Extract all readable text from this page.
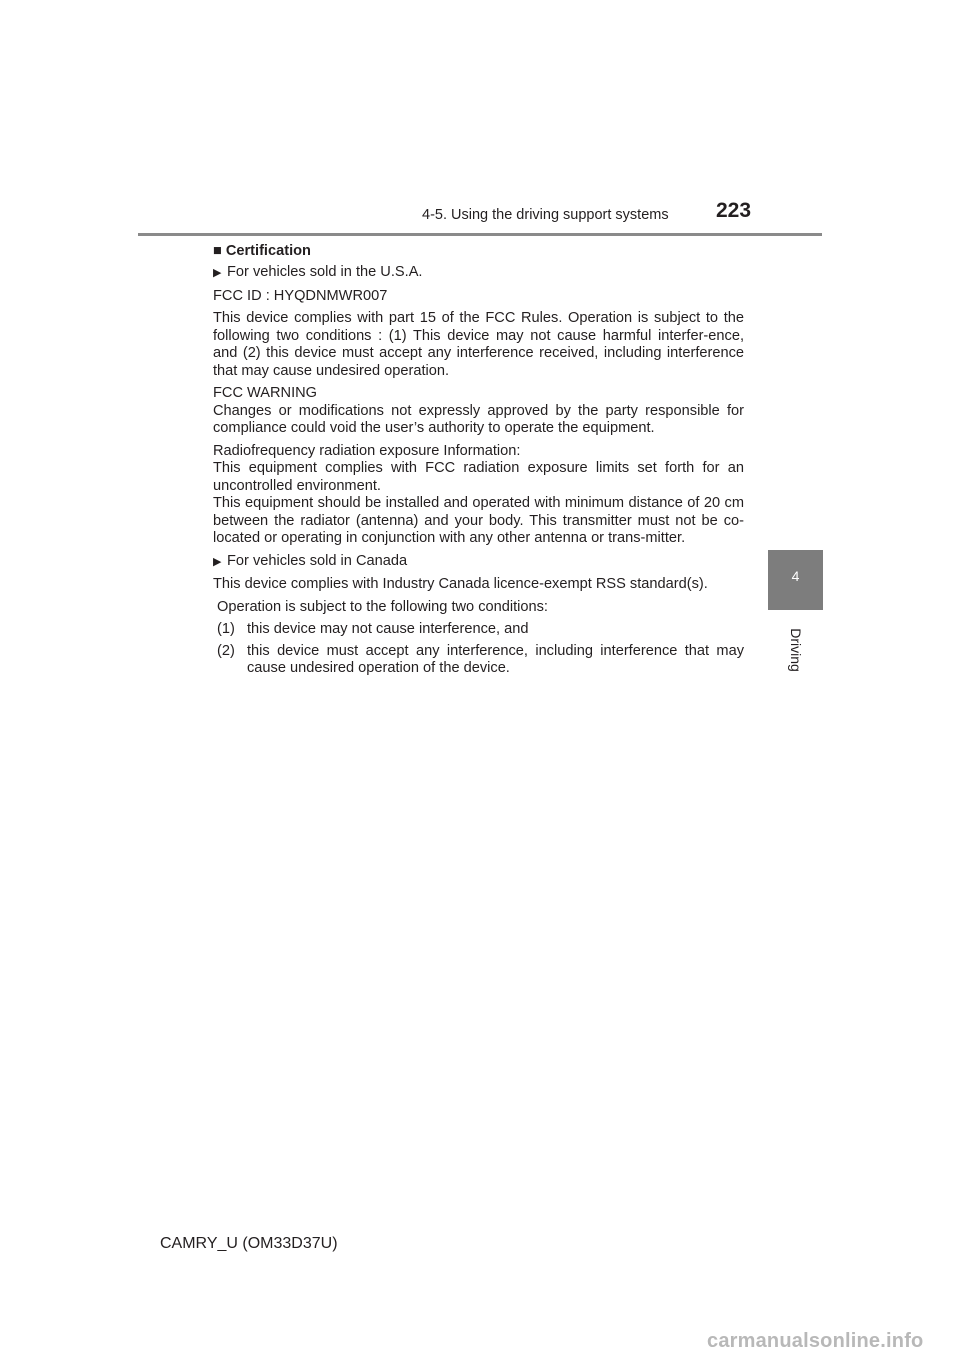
4-5. Using the driving support systems 223
4
Driving
■ Certification
▶ For vehicles sold in the U.S.A.

FCC ID : HYQDNMWR007

This device complies with part 15 of the FCC Rules. Operation is subject to the following two conditions : (1) This device may not cause harmful interfer-ence, and (2) this device must accept any interference received, including interference that may cause undesired operation.

FCC WARNING
Changes or modifications not expressly approved by the party responsible for compliance could void the user’s authority to operate the equipment.

Radiofrequency radiation exposure Information:
This equipment complies with FCC radiation exposure limits set forth for an uncontrolled environment.
This equipment should be installed and operated with minimum distance of 20 cm between the radiator (antenna) and your body. This transmitter must not be co-located or operating in conjunction with any other antenna or trans-mitter.

▶ For vehicles sold in Canada

This device complies with Industry Canada licence-exempt RSS standard(s).

Operation is subject to the following two conditions:

(1) this device may not cause interference, and
(2) this device must accept any interference, including interference that may cause undesired operation of the device.
CAMRY_U (OM33D37U)
carmanualsonline.info
